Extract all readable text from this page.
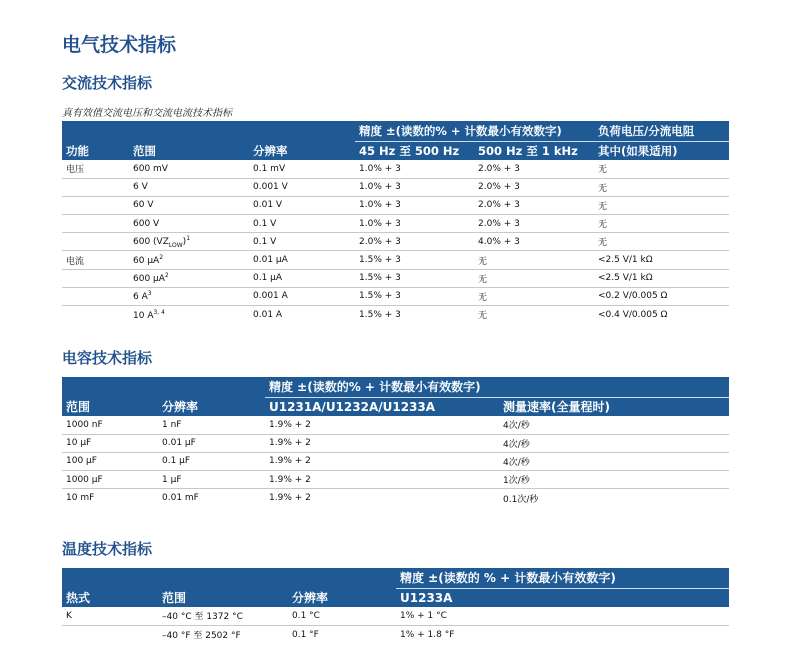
电气技术指标
交流技术指标
真有效值交流电压和交流电流技术指标
			精度 ±(读数的% + 计数最小有效数字)		负荷电压/分流电阻
功能	范围	分辨率	45 Hz 至 500 Hz	500 Hz 至 1 kHz	其中(如果适用)
电压	600 mV	0.1 mV	1.0% + 3	2.0% + 3	无
	6 V	0.001 V	1.0% + 3	2.0% + 3	无
	60 V	0.01 V	1.0% + 3	2.0% + 3	无
	600 V	0.1 V	1.0% + 3	2.0% + 3	无
	600 $(VZ_{LOW})^1$	0.1 V	2.0% + 3	4.0% + 3	无
电流	60 $\mu A^2$	0.01 μA	1.5% + 3	无	<2.5 V/1 kΩ
	600 $\mu A^2$	0.1 μA	1.5% + 3	无	<2.5 V/1 kΩ
	6 $A^3$	0.001 A	1.5% + 3	无	<0.2 V/0.005 Ω
	10 A$^{3, 4}$	0.01 A	1.5% + 3	无	<0.4 V/0.005 Ω
电容技术指标
		精度 ±(读数的% + 计数最小有效数字)	
范围	分辨率	U1231A/U1232A/U1233A	测量速率(全量程时)
1000 nF	1 nF	1.9% + 2	4次/秒
10 μF	0.01 μF	1.9% + 2	4次/秒
100 μF	0.1 μF	1.9% + 2	4次/秒
1000 μF	1 μF	1.9% + 2	1次/秒
10 mF	0.01 mF	1.9% + 2	0.1次/秒
温度技术指标
			精度 ±(读数的 % + 计数最小有效数字)
热式	范围	分辨率	U1233A
K	–40 °C 至 1372 °C	0.1 °C	1% + 1 °C
	–40 °F 至 2502 °F	0.1 °F	1% + 1.8 °F
